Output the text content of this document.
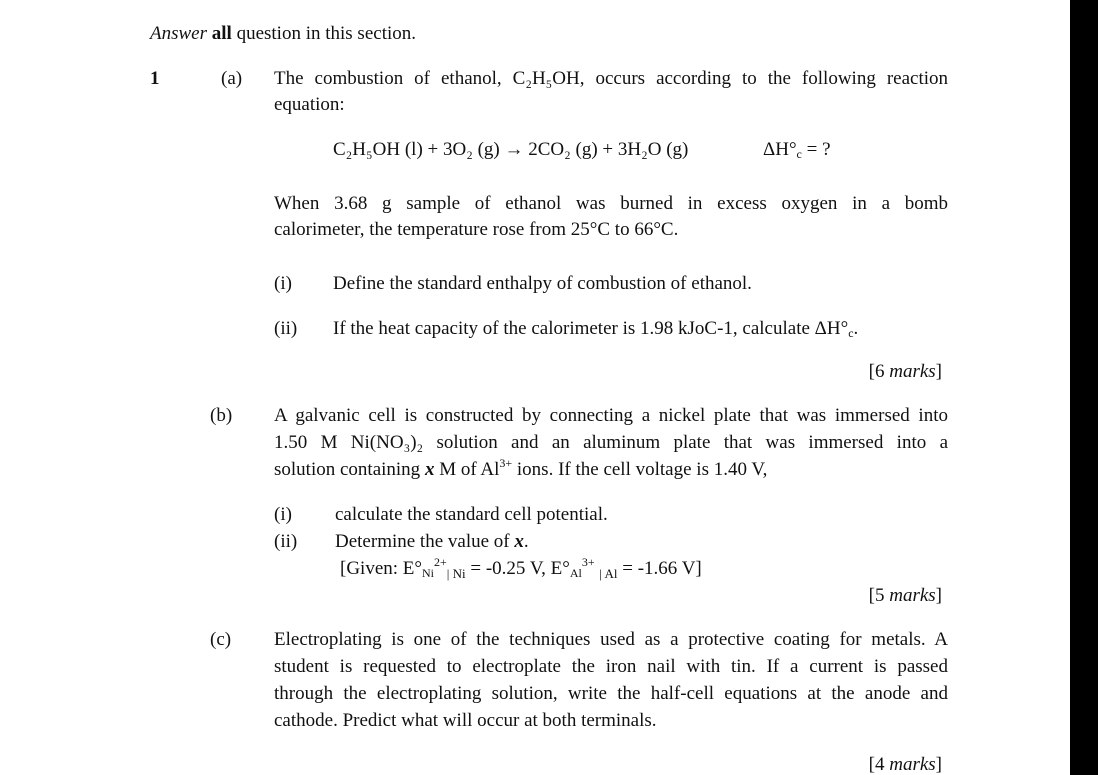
Answer all question in this section.
1	(a) The combustion of ethanol, C₂H₅OH, occurs according to the following reaction
equation:
C₂H₅OH (l) + 3O₂ (g) → 2CO₂ (g) + 3H₂O (g)	$\Delta H^\circ_c$ = ?
When 3.68 g sample of ethanol was burned in excess oxygen in a bomb
calorimeter, the temperature rose from 25°C to 66°C.
(i) Define the standard enthalpy of combustion of ethanol.
(ii) If the heat capacity of the calorimeter is 1.98 kJoC-1, calculate $\Delta H^\circ_c$.
[6 marks]
(b) A galvanic cell is constructed by connecting a nickel plate that was immersed into
1.50 M Ni(NO₃)₂ solution and an aluminum plate that was immersed into a
solution containing x M of $Al^{3+}$ ions. If the cell voltage is 1.40 V,
(i) calculate the standard cell potential.
(ii) Determine the value of x.
[Given: $E^\circ_{Ni}^{2+}_{| Ni} = -0.25$ V, $E^\circ_{Al}^{3+}$ $_{| Al}$ = -1.66 V]
[5 marks]
(c) Electroplating is one of the techniques used as a protective coating for metals. A
student is requested to electroplate the iron nail with tin. If a current is passed
through the electroplating solution, write the half-cell equations at the anode and
cathode. Predict what will occur at both terminals.
[4 marks]
